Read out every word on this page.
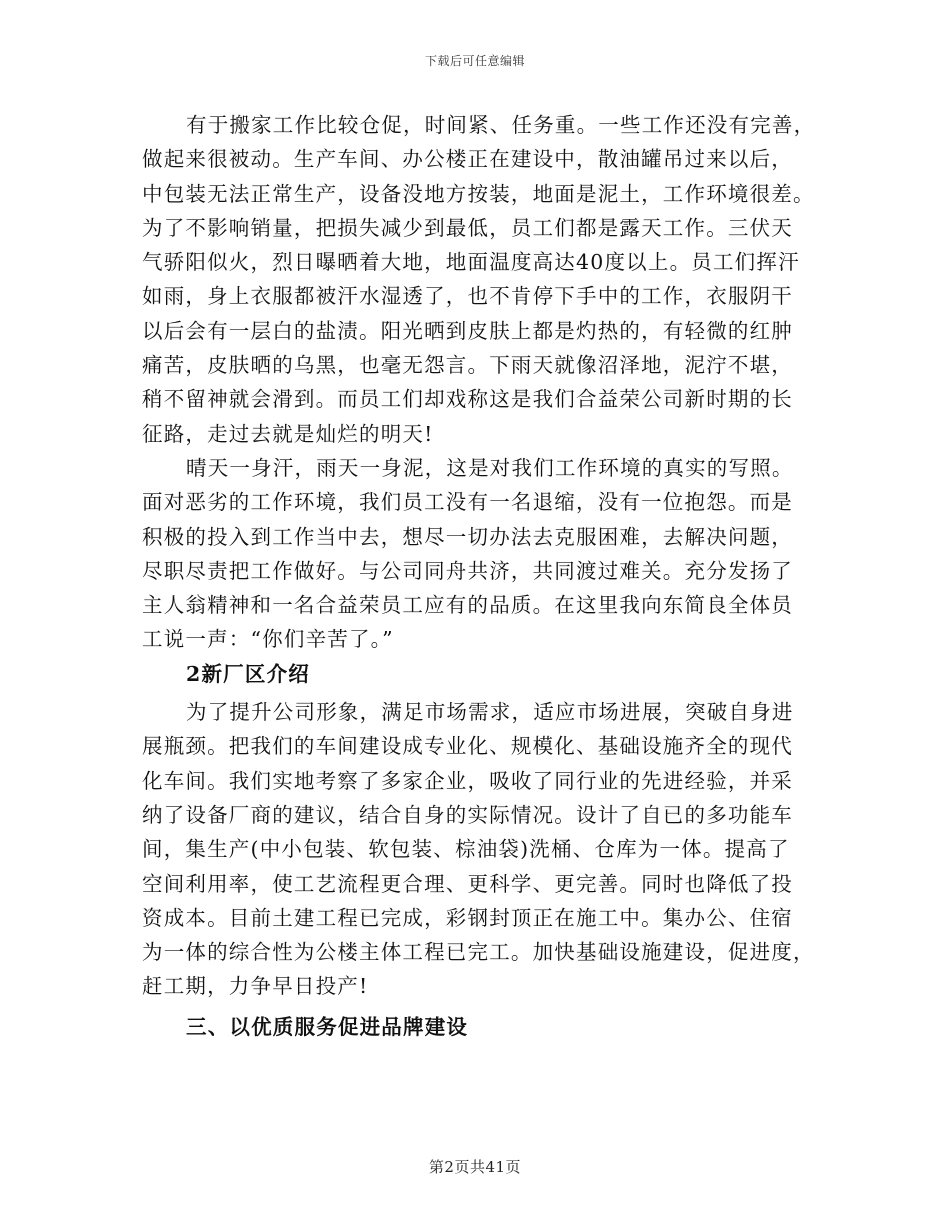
下载后可任意编辑

有于搬家工作比较仓促，时间紧、任务重。一些工作还没有完善，
做起来很被动。生产车间、办公楼正在建设中，散油罐吊过来以后，
中包装无法正常生产，设备没地方按装，地面是泥土，工作环境很差。
为了不影响销量，把损失减少到最低，员工们都是露天工作。三伏天
气骄阳似火，烈日曝晒着大地，地面温度高达40度以上。员工们挥汗
如雨，身上衣服都被汗水湿透了，也不肯停下手中的工作，衣服阴干
以后会有一层白的盐渍。阳光晒到皮肤上都是灼热的，有轻微的红肿
痛苦，皮肤晒的乌黑，也毫无怨言。下雨天就像沼泽地，泥泞不堪，
稍不留神就会滑到。而员工们却戏称这是我们合益荣公司新时期的长
征路，走过去就是灿烂的明天!

晴天一身汗，雨天一身泥，这是对我们工作环境的真实的写照。
面对恶劣的工作环境，我们员工没有一名退缩，没有一位抱怨。而是
积极的投入到工作当中去，想尽一切办法去克服困难，去解决问题，
尽职尽责把工作做好。与公司同舟共济，共同渡过难关。充分发扬了
主人翁精神和一名合益荣员工应有的品质。在这里我向东简良全体员
工说一声：“你们辛苦了。”

2新厂区介绍

为了提升公司形象，满足市场需求，适应市场进展，突破自身进
展瓶颈。把我们的车间建设成专业化、规模化、基础设施齐全的现代
化车间。我们实地考察了多家企业，吸收了同行业的先进经验，并采
纳了设备厂商的建议，结合自身的实际情况。设计了自已的多功能车
间，集生产(中小包装、软包装、棕油袋)洗桶、仓库为一体。提高了
空间利用率，使工艺流程更合理、更科学、更完善。同时也降低了投
资成本。目前土建工程已完成，彩钢封顶正在施工中。集办公、住宿
为一体的综合性为公楼主体工程已完工。加快基础设施建设，促进度，
赶工期，力争早日投产!

三、以优质服务促进品牌建设
第2页共41页
